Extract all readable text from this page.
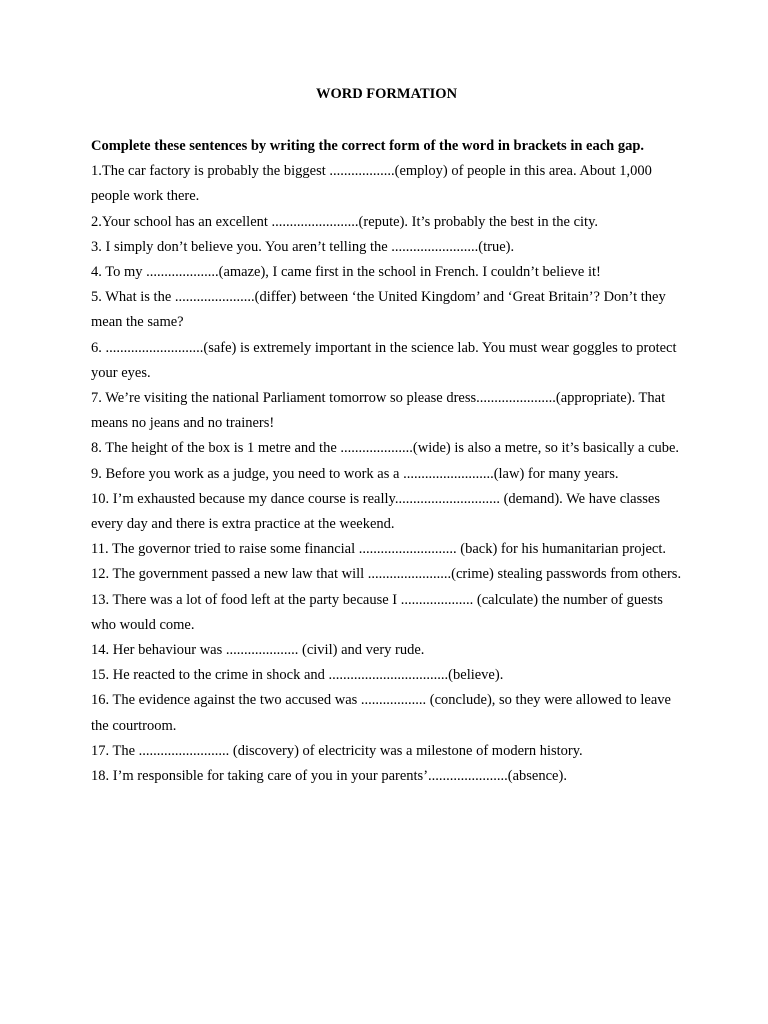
WORD FORMATION

Complete these sentences by writing the correct form of the word in brackets in each gap.

1.The car factory is probably the biggest ..................(employ) of people in this area. About 1,000 people work there.

2.Your school has an excellent ........................(repute). It’s probably the best in the city.

3. I simply don’t believe you. You aren’t telling the ........................(true).

4. To my ....................(amaze), I came first in the school in French. I couldn’t believe it!

5. What is the ......................(differ) between ‘the United Kingdom’ and ‘Great Britain’? Don’t they mean the same?

6. ...........................(safe) is extremely important in the science lab. You must wear goggles to protect your eyes.

7. We’re visiting the national Parliament tomorrow so please dress......................(appropriate). That means no jeans and no trainers!

8. The height of the box is 1 metre and the ....................(wide) is also a metre, so it’s basically a cube.

9. Before you work as a judge, you need to work as a .........................(law) for many years.

10. I’m exhausted because my dance course is really............................. (demand). We have classes every day and there is extra practice at the weekend.

11. The governor tried to raise some financial ........................... (back) for his humanitarian project.

12. The government passed a new law that will .......................(crime) stealing passwords from others.

13. There was a lot of food left at the party because I .................... (calculate) the number of guests who would come.

14. Her behaviour was .................... (civil) and very rude.

15. He reacted to the crime in shock and .................................(believe).

16. The evidence against the two accused was .................. (conclude), so they were allowed to leave the courtroom.

17. The ......................... (discovery) of electricity was a milestone of modern history.

18. I’m responsible for taking care of you in your parents’......................(absence).
